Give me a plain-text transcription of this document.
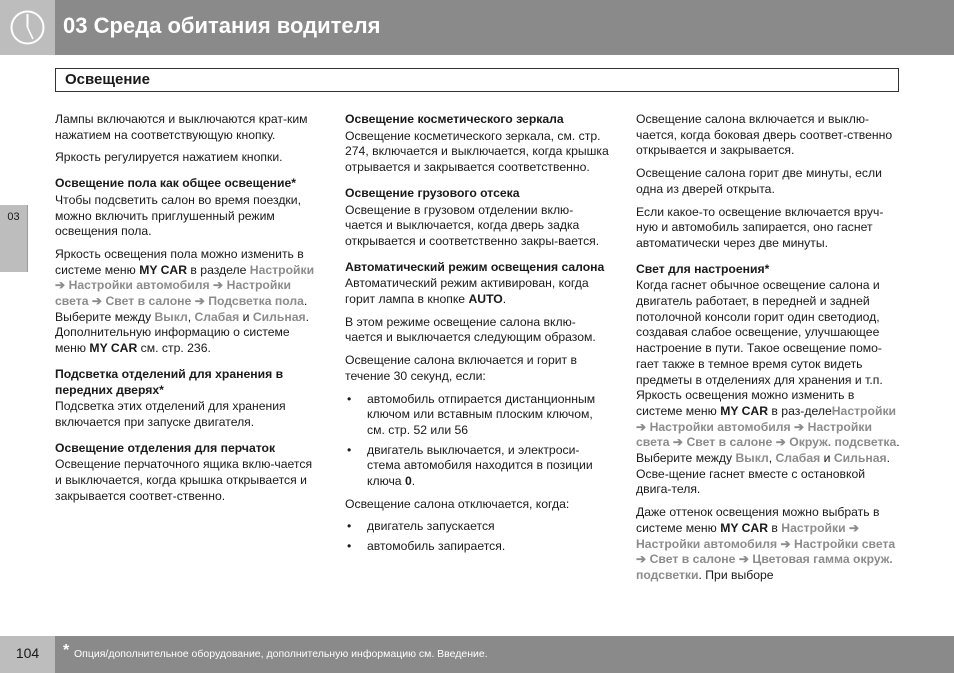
03 Среда обитания водителя
Освещение
03

Лампы включаются и выключаются крат-ким нажатием на соответствующую кнопку.

Яркость регулируется нажатием кнопки.

Освещение пола как общее освещение*

Чтобы подсветить салон во время поездки, можно включить приглушенный режим освещения пола.

Яркость освещения пола можно изменить в системе меню MY CAR в разделе Настройки ➔ Настройки автомобиля ➔ Настройки света ➔ Свет в салоне ➔ Подсветка пола. Выберите между Выкл, Слабая и Сильная. Дополнительную информацию о системе меню MY CAR см. стр. 236.

Подсветка отделений для хранения в передних дверях*

Подсветка этих отделений для хранения включается при запуске двигателя.

Освещение отделения для перчаток

Освещение перчаточного ящика вклю-чается и выключается, когда крышка открывается и закрывается соответ-ственно.

Освещение косметического зеркала

Освещение косметического зеркала, см. стр. 274, включается и выключается, когда крышка отрывается и закрывается соответственно.

Освещение грузового отсека

Освещение в грузовом отделении вклю-чается и выключается, когда дверь задка открывается и соответственно закры-вается.

Автоматический режим освещения салона

Автоматический режим активирован, когда горит лампа в кнопке AUTO.

В этом режиме освещение салона вклю-чается и выключается следующим образом.

Освещение салона включается и горит в течение 30 секунд, если:

• автомобиль отпирается дистанционным ключом или вставным плоским ключом, см. стр. 52 или 56
• двигатель выключается, и электроси-стема автомобиля находится в позиции ключа 0.

Освещение салона отключается, когда:

• двигатель запускается
• автомобиль запирается.

Освещение салона включается и выклю-чается, когда боковая дверь соответ-ственно открывается и закрывается.

Освещение салона горит две минуты, если одна из дверей открыта.

Если какое-то освещение включается вруч-ную и автомобиль запирается, оно гаснет автоматически через две минуты.

Свет для настроения*

Когда гаснет обычное освещение салона и двигатель работает, в передней и задней потолочной консоли горит один светодиод, создавая слабое освещение, улучшающее настроение в пути. Такое освещение помо-гает также в темное время суток видеть предметы в отделениях для хранения и т.п. Яркость освещения можно изменить в системе меню MY CAR в раз-делеНастройки ➔ Настройки автомобиля ➔ Настройки света ➔ Свет в салоне ➔ Окруж. подсветка. Выберите между Выкл, Слабая и Сильная. Осве-щение гаснет вместе с остановкой двига-теля.

Даже оттенок освещения можно выбрать в системе меню MY CAR в Настройки ➔ Настройки автомобиля ➔ Настройки света ➔ Свет в салоне ➔ Цветовая гамма окруж. подсветки. При выборе

104	* Опция/дополнительное оборудование, дополнительную информацию см. Введение.
